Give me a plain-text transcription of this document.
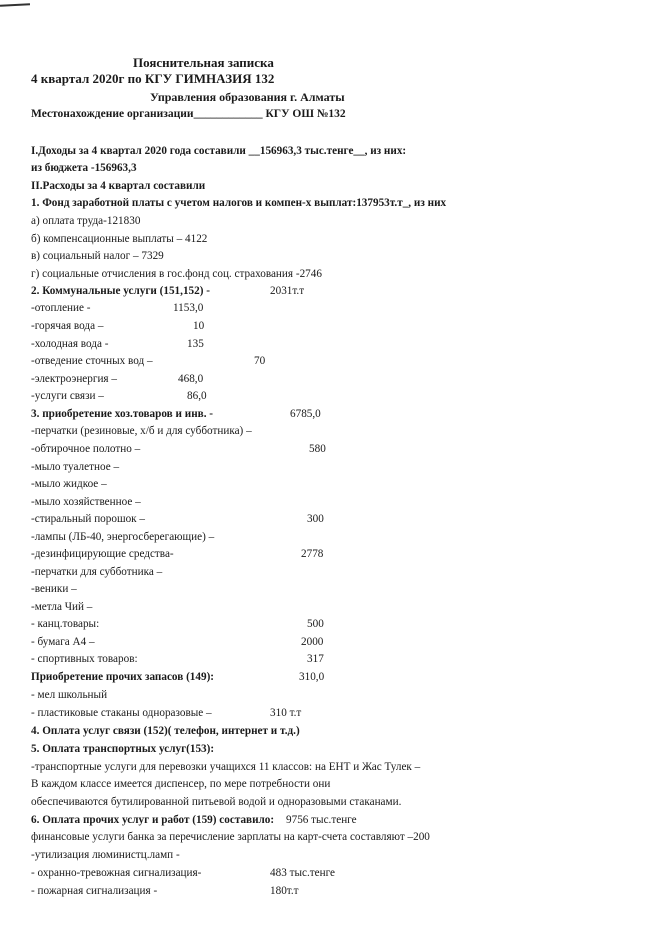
Пояснительная записка
4 квартал 2020г по КГУ ГИМНАЗИЯ 132
Управления образования г. Алматы
Местонахождение организации____________ КГУ ОШ №132
I.Доходы за 4 квартал 2020 года составили __156963,3 тыс.тенге__, из них:
из бюджета -156963,3
II.Расходы за 4 квартал составили
1. Фонд заработной платы с учетом налогов и компен-х выплат:137953т.т_, из них
а) оплата труда-121830
б) компенсационные выплаты – 4122
в) социальный налог – 7329
г) социальные отчисления в гос.фонд соц. страхования -2746
2. Коммунальные услуги (151,152) -	2031т.т
-отопление -	1153,0
-горячая вода –	10
-холодная вода -	135
-отведение сточных вод –	70
-электроэнергия –	468,0
-услуги связи –	86,0
3. приобретение хоз.товаров и инв. -	6785,0
-перчатки (резиновые, х/б и для субботника) –
-обтирочное полотно –	580
-мыло туалетное –
-мыло жидкое –
-мыло хозяйственное –
-стиральный порошок –	300
-лампы (ЛБ-40, энергосберегающие) –
-дезинфицирующие средства-	2778
-перчатки для субботника –
-веники –
-метла Чий –
- канц.товары:	500
- бумага А4 –	2000
- спортивных товаров:	317
Приобретение прочих запасов (149):	310,0
- мел школьный
- пластиковые стаканы одноразовые –	310 т.т
4. Оплата услуг связи (152)( телефон, интернет и т.д.)
5. Оплата транспортных услуг(153):
-транспортные услуги для перевозки учащихся 11 классов: на ЕНТ и Жас Тулек –
В каждом классе имеется диспенсер, по мере потребности они
обеспечиваются бутилированной питьевой водой и одноразовыми стаканами.
6. Оплата прочих услуг и работ (159) составило: 9756 тыс.тенге
финансовые услуги банка за перечисление зарплаты на карт-счета составляют –200
-утилизация люминистц.ламп -
- охранно-тревожная сигнализация-	483 тыс.тенге
- пожарная сигнализация -	180т.т
